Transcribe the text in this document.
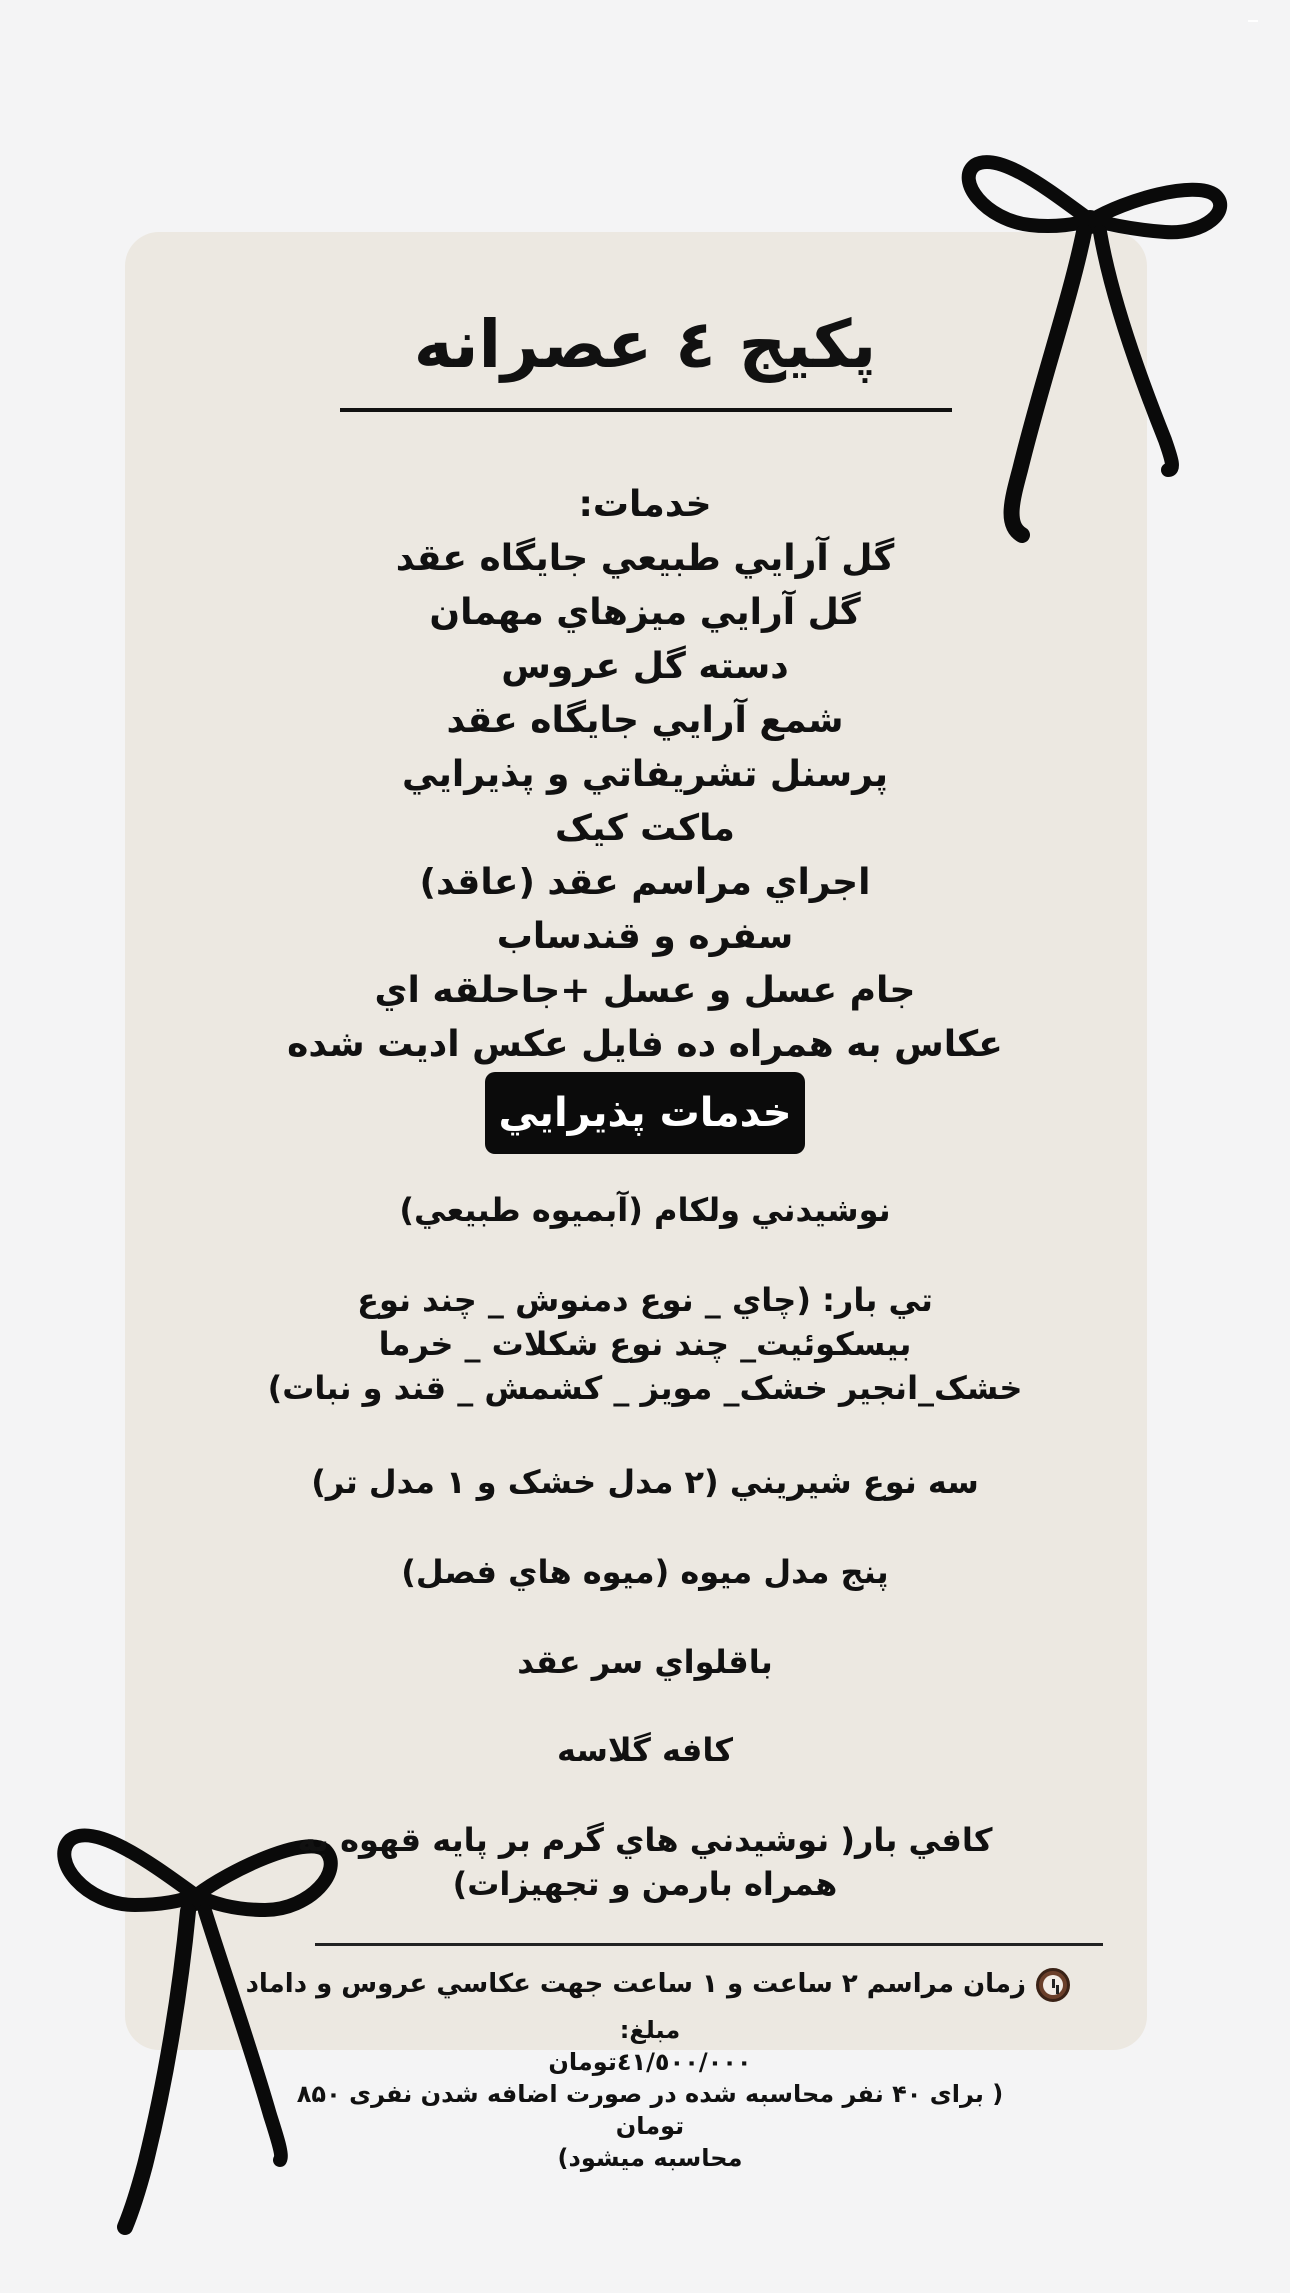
پکیج ٤ عصرانه
خدمات:
گل آرايي طبيعي جايگاه عقد
گل آرايي ميزهاي مهمان
دسته گل عروس
شمع آرايي جايگاه عقد
پرسنل تشريفاتي و پذيرايي
ماکت کيک
اجراي مراسم عقد (عاقد)
سفره و قندساب
جام عسل و عسل +جاحلقه اي
عکاس به همراه ده فايل عکس اديت شده
خدمات پذيرايي
نوشيدني ولکام (آبميوه طبيعي)
تي بار: (چاي _ نوع دمنوش _ چند نوع
بيسکوئيت_ چند نوع شکلات _ خرما
خشک_انجير خشک_ مويز _ کشمش _ قند و نبات)
سه نوع شيريني (٢ مدل خشک و ١ مدل تر)
پنج مدل ميوه (ميوه هاي فصل)
باقلواي سر عقد
کافه گلاسه
کافي بار( نوشيدني هاي گرم بر پايه قهوه به
همراه بارمن و تجهيزات)
زمان مراسم ٢ ساعت و ١ ساعت جهت عکاسي عروس و داماد
مبلغ:
٤١/٥٠٠/٠٠٠تومان
( برای ۴۰ نفر محاسبه شده در صورت اضافه شدن نفری ۸۵۰ تومان
محاسبه میشود)
